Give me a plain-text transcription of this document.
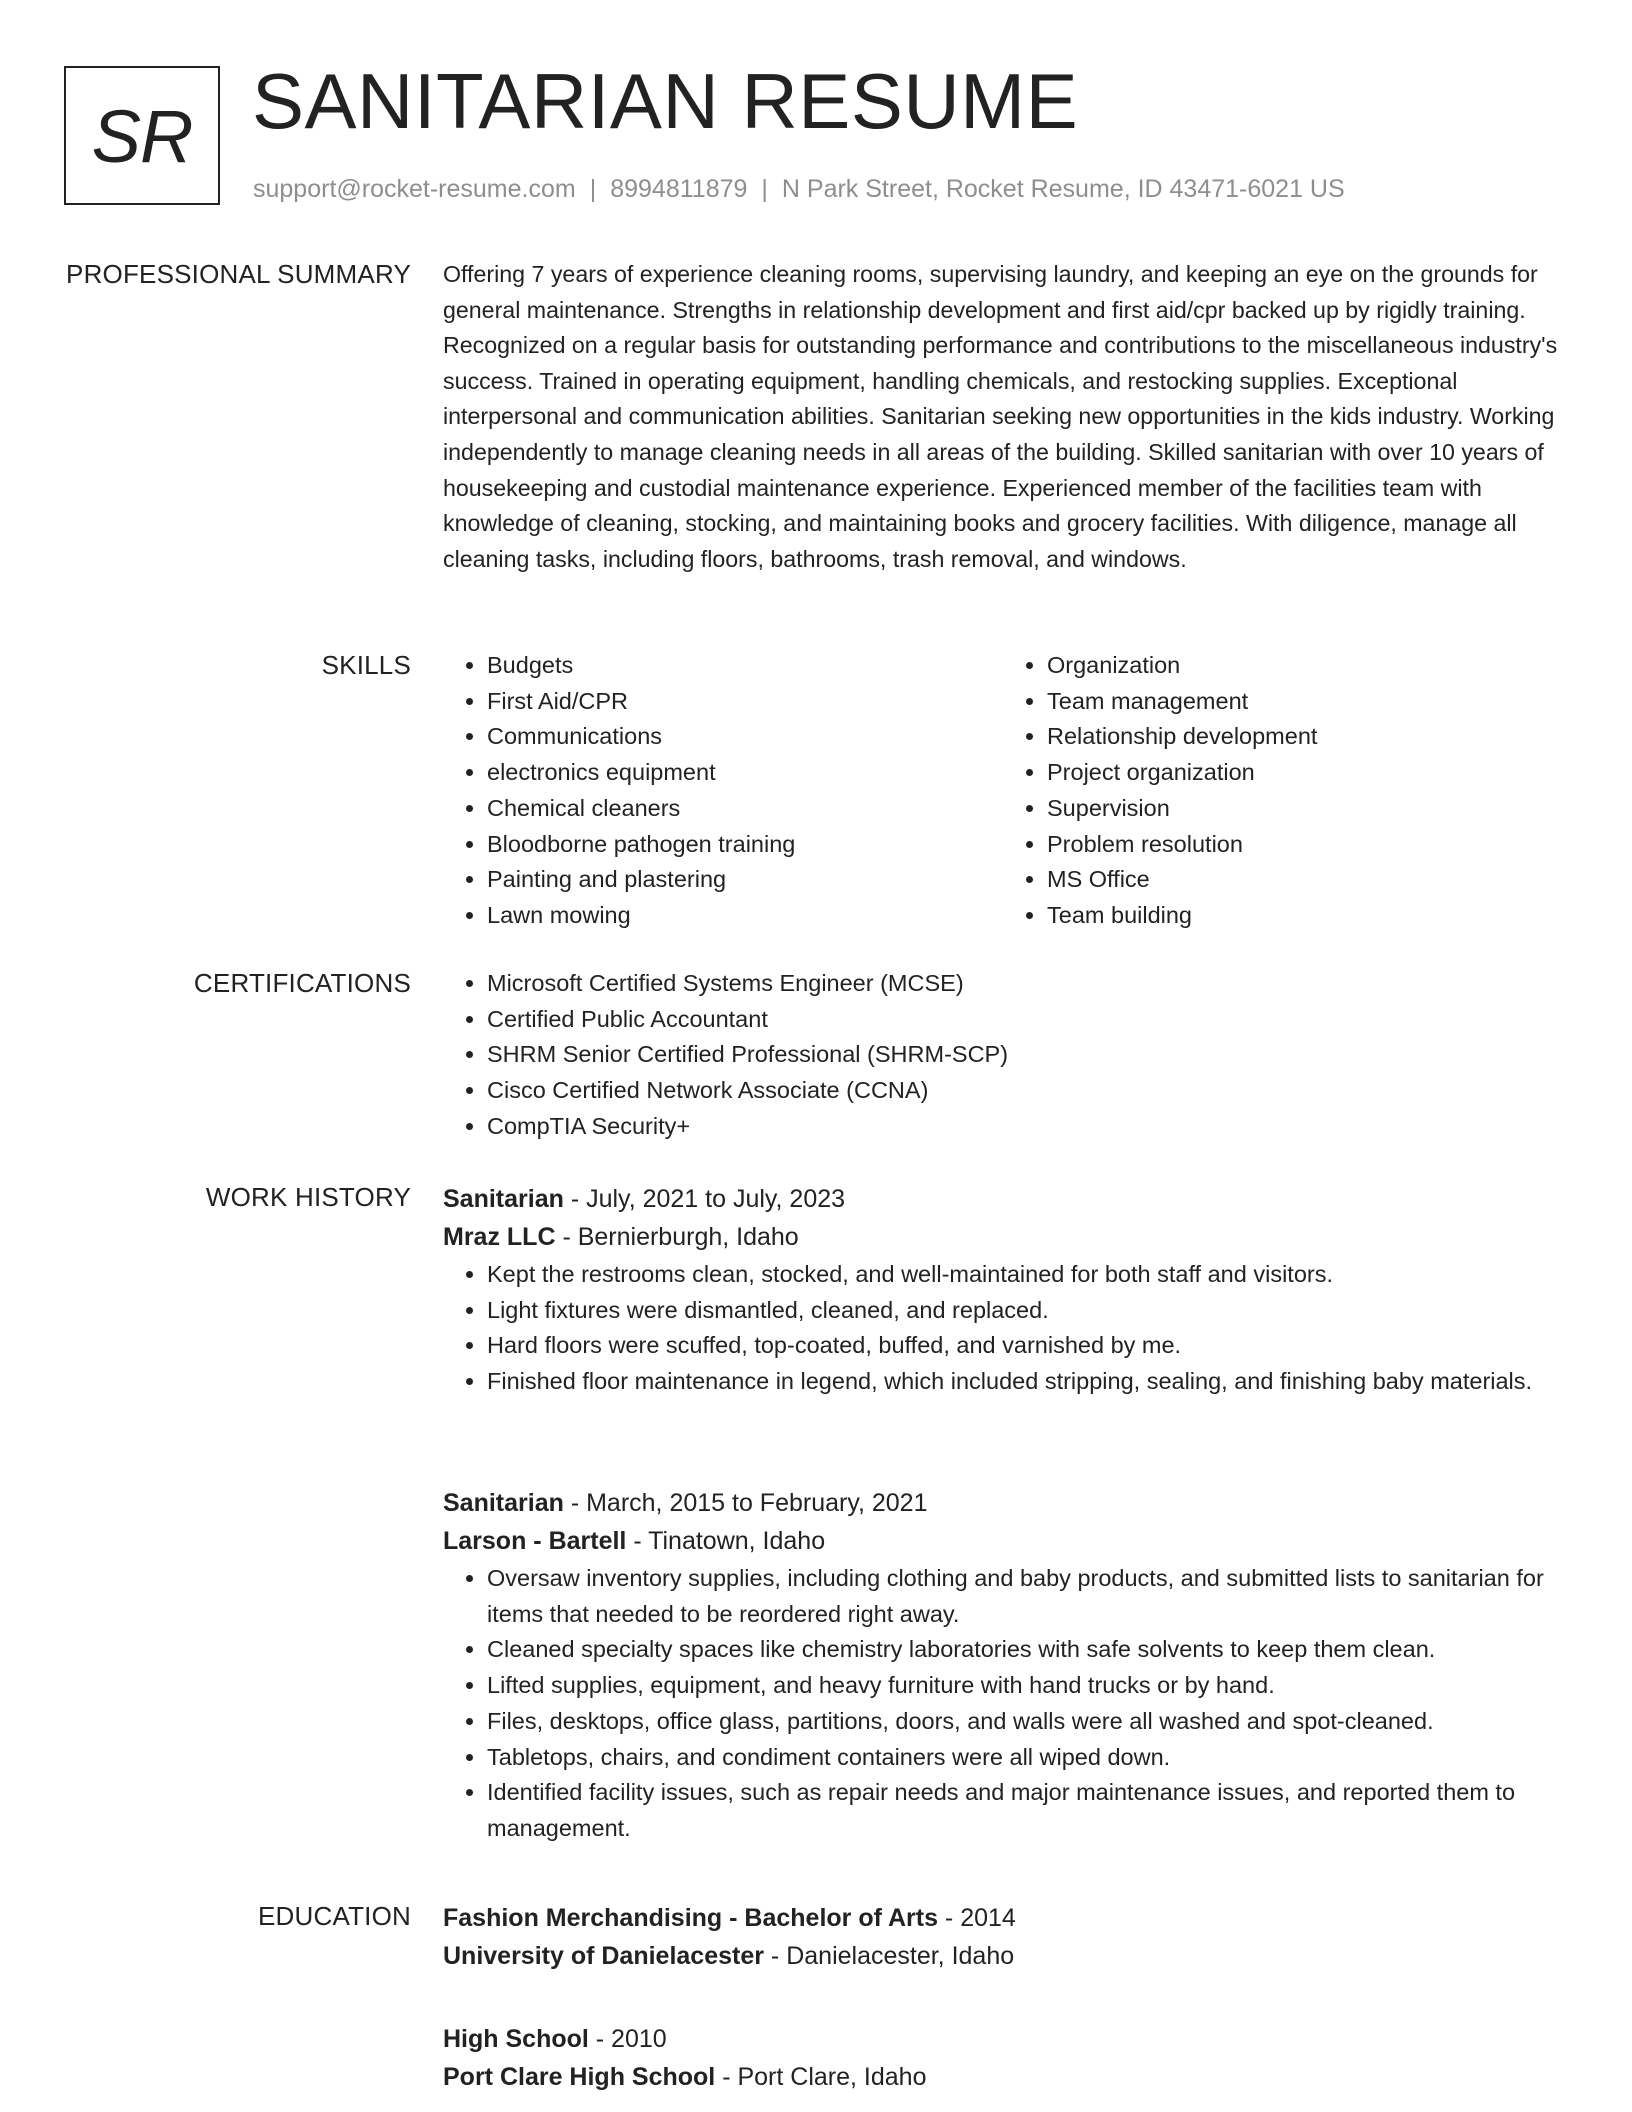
SR SANITARIAN RESUME
support@rocket-resume.com | 8994811879 | N Park Street, Rocket Resume, ID 43471-6021 US
PROFESSIONAL SUMMARY Offering 7 years of experience cleaning rooms, supervising laundry, and keeping an eye on the grounds for general maintenance. Strengths in relationship development and first aid/cpr backed up by rigidly training. Recognized on a regular basis for outstanding performance and contributions to the miscellaneous industry's success. Trained in operating equipment, handling chemicals, and restocking supplies. Exceptional interpersonal and communication abilities. Sanitarian seeking new opportunities in the kids industry. Working independently to manage cleaning needs in all areas of the building. Skilled sanitarian with over 10 years of housekeeping and custodial maintenance experience. Experienced member of the facilities team with knowledge of cleaning, stocking, and maintaining books and grocery facilities. With diligence, manage all cleaning tasks, including floors, bathrooms, trash removal, and windows.

SKILLS	• Budgets
• First Aid/CPR
• Communications
• electronics equipment
• Chemical cleaners
• Bloodborne pathogen training
• Painting and plastering
• Lawn mowing
• Organization
• Team management
• Relationship development
• Project organization
• Supervision
• Problem resolution
• MS Office
• Team building
CERTIFICATIONS	• Microsoft Certified Systems Engineer (MCSE)
• Certified Public Accountant
• SHRM Senior Certified Professional (SHRM-SCP)
• Cisco Certified Network Associate (CCNA)
• CompTIA Security+
WORK HISTORY Sanitarian - July, 2021 to July, 2023
Mraz LLC - Bernierburgh, Idaho
• Kept the restrooms clean, stocked, and well-maintained for both staff and visitors.
• Light fixtures were dismantled, cleaned, and replaced.
• Hard floors were scuffed, top-coated, buffed, and varnished by me.
• Finished floor maintenance in legend, which included stripping, sealing, and finishing baby materials.
Sanitarian - March, 2015 to February, 2021
Larson - Bartell - Tinatown, Idaho
• Oversaw inventory supplies, including clothing and baby products, and submitted lists to sanitarian for items that needed to be reordered right away.
• Cleaned specialty spaces like chemistry laboratories with safe solvents to keep them clean.
• Lifted supplies, equipment, and heavy furniture with hand trucks or by hand.
• Files, desktops, office glass, partitions, doors, and walls were all washed and spot-cleaned.
• Tabletops, chairs, and condiment containers were all wiped down.
• Identified facility issues, such as repair needs and major maintenance issues, and reported them to management.
EDUCATION Fashion Merchandising - Bachelor of Arts - 2014
University of Danielacester - Danielacester, Idaho
High School - 2010
Port Clare High School - Port Clare, Idaho
